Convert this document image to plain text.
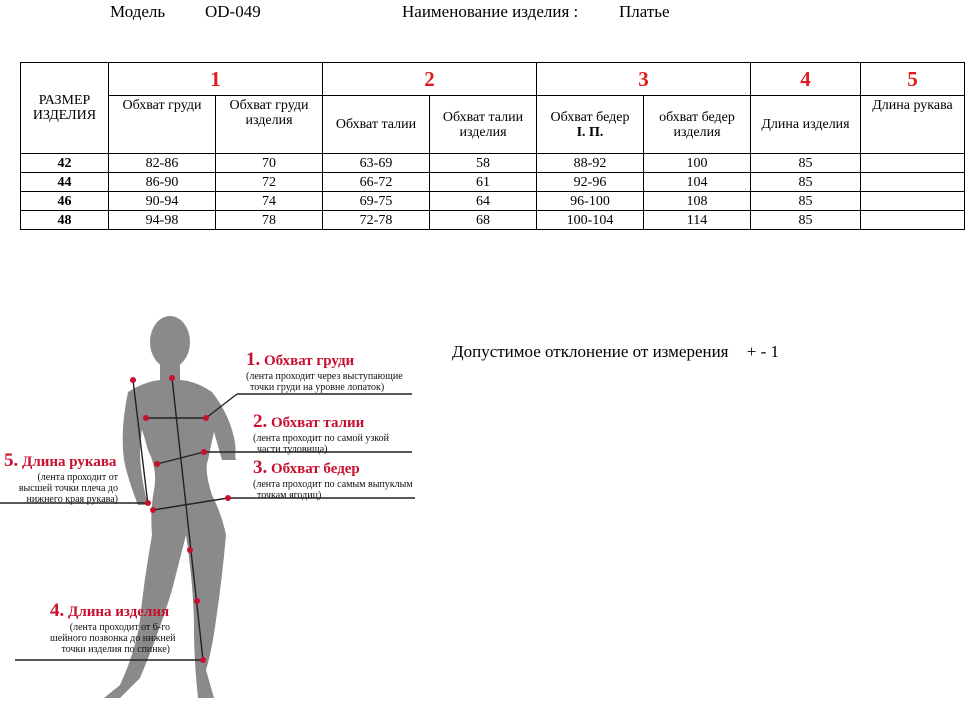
Модель OD-049	Наименование изделия : Платье
РАЗМЕР ИЗДЕЛИЯ	1		2		3		4	5
	Обхват груди	Обхват груди изделия	Обхват талии	Обхват талии изделия	Обхват бедер
I. П.	обхват бедер изделия	Длина изделия	Длина рукава
42	82-86	70	63-69	58	88-92	100	85	
44	86-90	72	66-72	61	92-96	104	85	
46	90-94	74	69-75	64	96-100	108	85	
48	94-98	78	72-78	68	100-104	114	85	
Допустимое отклонение от измерения + - 1
1. Обхват груди
(лента проходит через выступающие
точки груди на уровне лопаток)
2. Обхват талии
(лента проходит по самой узкой
части туловища)
3. Обхват бедер
(лента проходит по самым выпуклым
точкам ягодиц)
4. Длина изделия
(лента проходит от 6-го
шейного позвонка до нижней
точки изделия по спинке)
5. Длина рукава
(лента проходит от
высшей точки плеча до
нижнего края рукава)
